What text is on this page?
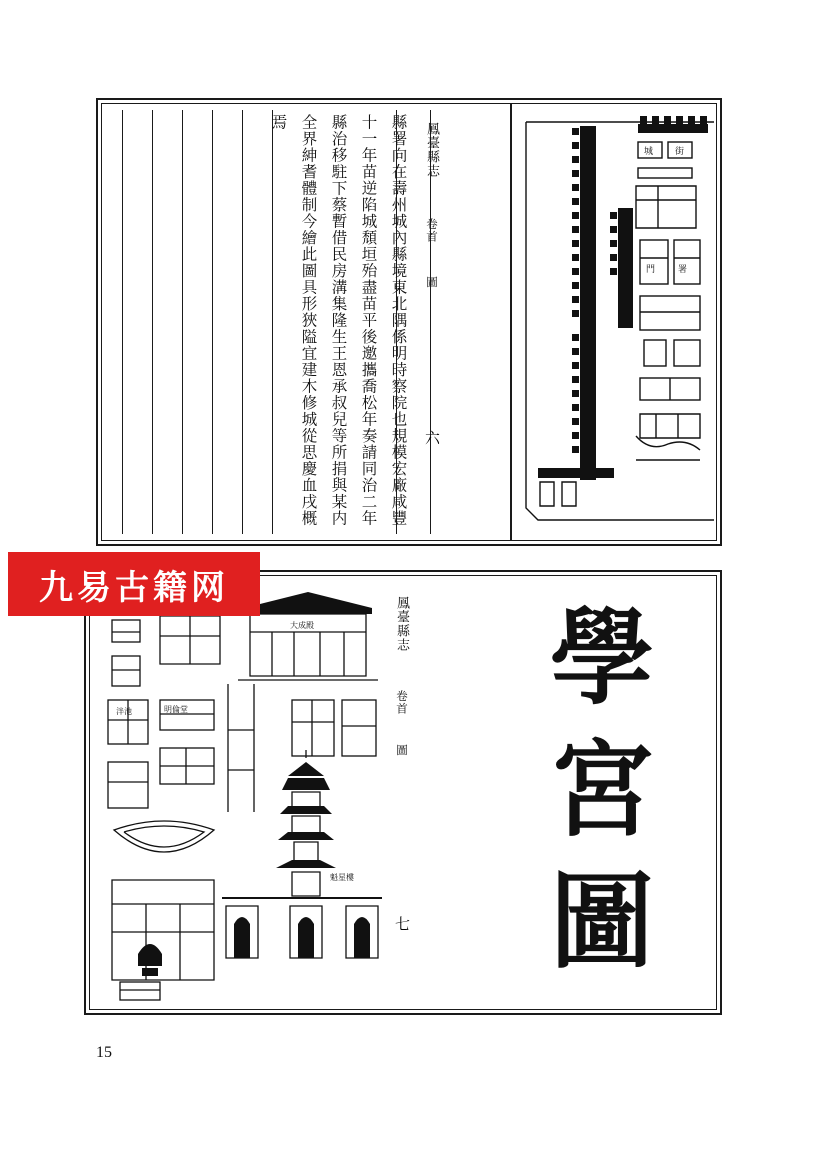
鳳臺縣志
卷首
圖
六
縣署向在壽州城內縣境東北隅係明時察院也規模宏廠咸豐
十一年苗逆陷城頹垣殆盡苗平後邀攜喬松年奏請同治二年
縣治移駐下蔡暫借民房溝集隆生王恩承叔兒等所捐與某内
全界紳耆體制今繪此圖具形狹隘宜建木修城從思慶血戌概
焉
城 街
署
門
鳳臺縣志
卷首
圖
七
學
宮
圖
大成殿
泮池	明倫堂
魁星樓
九易古籍网
15
